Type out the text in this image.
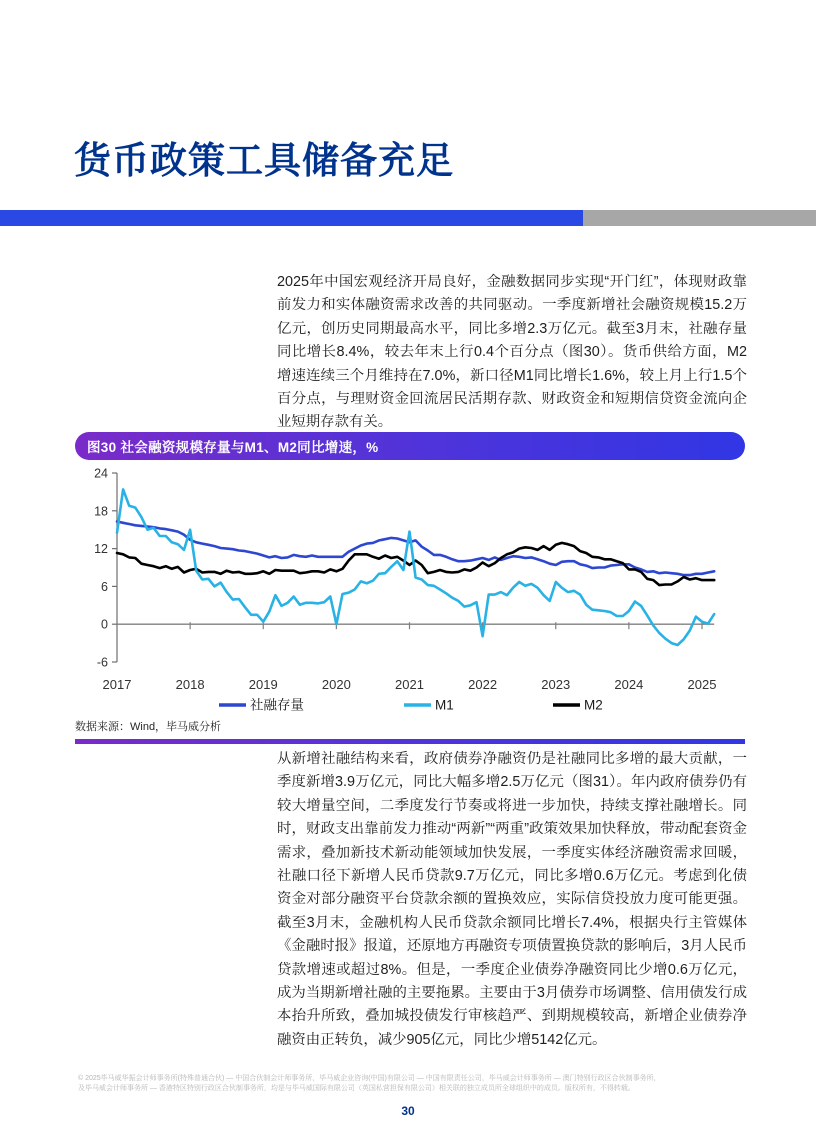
货币政策工具储备充足

2025年中国宏观经济开局良好，金融数据同步实现“开门红”，体现财政靠前发力和实体融资需求改善的共同驱动。一季度新增社会融资规模15.2万亿元，创历史同期最高水平，同比多增2.3万亿元。截至3月末，社融存量同比增长8.4%，较去年末上行0.4个百分点（图30）。货币供给方面，M2增速连续三个月维持在7.0%，新口径M1同比增长1.6%，较上月上行1.5个百分点，与理财资金回流居民活期存款、财政资金和短期信贷资金流向企业短期存款有关。

图30 社会融资规模存量与M1、M2同比增速，%
24
18
12
6
0
-6
2017	2018	2019	2020	2021	2022	2023	2024	2025
社融存量	M1	M2
数据来源：Wind，毕马威分析

从新增社融结构来看，政府债券净融资仍是社融同比多增的最大贡献，一季度新增3.9万亿元，同比大幅多增2.5万亿元（图31）。年内政府债券仍有较大增量空间，二季度发行节奏或将进一步加快，持续支撑社融增长。同时，财政支出靠前发力推动“两新”“两重”政策效果加快释放，带动配套资金需求，叠加新技术新动能领域加快发展，一季度实体经济融资需求回暖，社融口径下新增人民币贷款9.7万亿元，同比多增0.6万亿元。考虑到化债资金对部分融资平台贷款余额的置换效应，实际信贷投放力度可能更强。截至3月末，金融机构人民币贷款余额同比增长7.4%，根据央行主管媒体《金融时报》报道，还原地方再融资专项债置换贷款的影响后，3月人民币贷款增速或超过8%。但是，一季度企业债券净融资同比少增0.6万亿元，成为当期新增社融的主要拖累。主要由于3月债券市场调整、信用债发行成本抬升所致，叠加城投债发行审核趋严、到期规模较高，新增企业债券净融资由正转负，减少905亿元，同比少增5142亿元。

© 2025毕马威华振会计师事务所(特殊普通合伙) — 中国合伙制会计师事务所，毕马威企业咨询(中国)有限公司 — 中国有限责任公司，毕马威会计师事务所 — 澳门特别行政区合伙制事务所，
及毕马威会计师事务所 — 香港特区特别行政区合伙制事务所，均是与毕马威国际有限公司（英国私营担保有限公司）相关联的独立成员所全球组织中的成员。版权所有，不得转载。
30
